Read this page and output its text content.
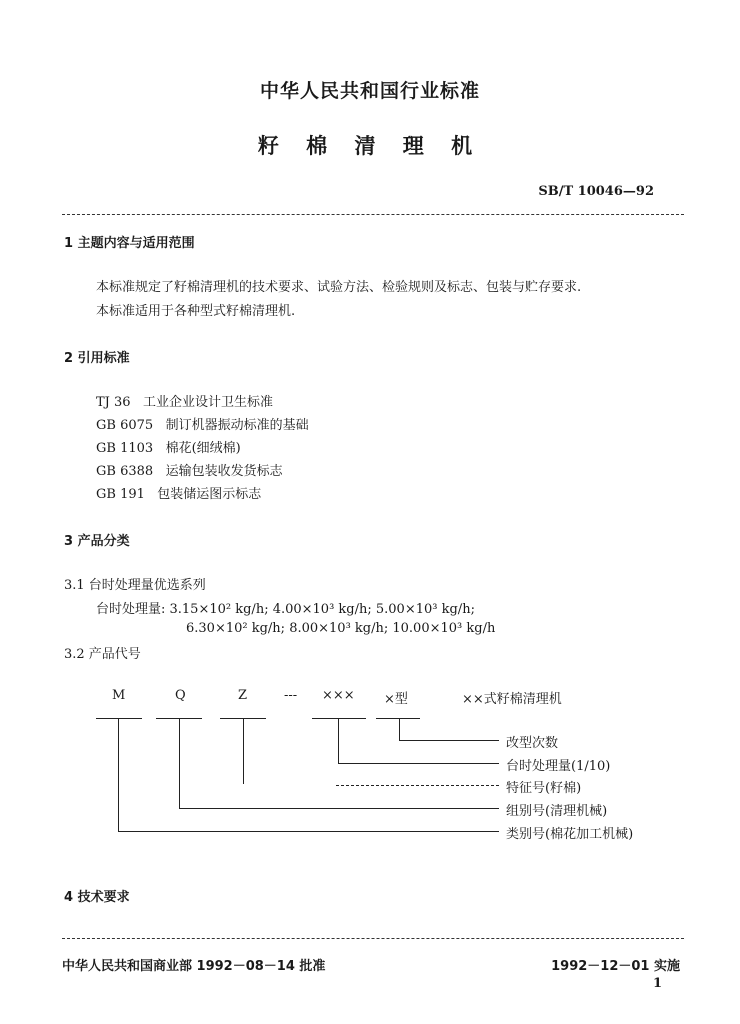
中华人民共和国行业标准
籽 棉 清 理 机
SB/T 10046—92
1 主题内容与适用范围
本标准规定了籽棉清理机的技术要求、试验方法、检验规则及标志、包装与贮存要求.
本标准适用于各种型式籽棉清理机.
2 引用标准
TJ 36 工业企业设计卫生标准
GB 6075 制订机器振动标准的基础
GB 1103 棉花(细绒棉)
GB 6388 运输包装收发货标志
GB 191 包装储运图示标志
3 产品分类
3.1 台时处理量优选系列
台时处理量: 3.15×10² kg/h; 4.00×10³ kg/h; 5.00×10³ kg/h;
6.30×10² kg/h; 8.00×10³ kg/h; 10.00×10³ kg/h
3.2 产品代号
M	Q	Z	--- ××× ×型	××式籽棉清理机
改型次数
台时处理量(1/10)
特征号(籽棉)
组别号(清理机械)
类别号(棉花加工机械)
4 技术要求
中华人民共和国商业部 1992－08－14 批准	1992－12－01 实施
1
